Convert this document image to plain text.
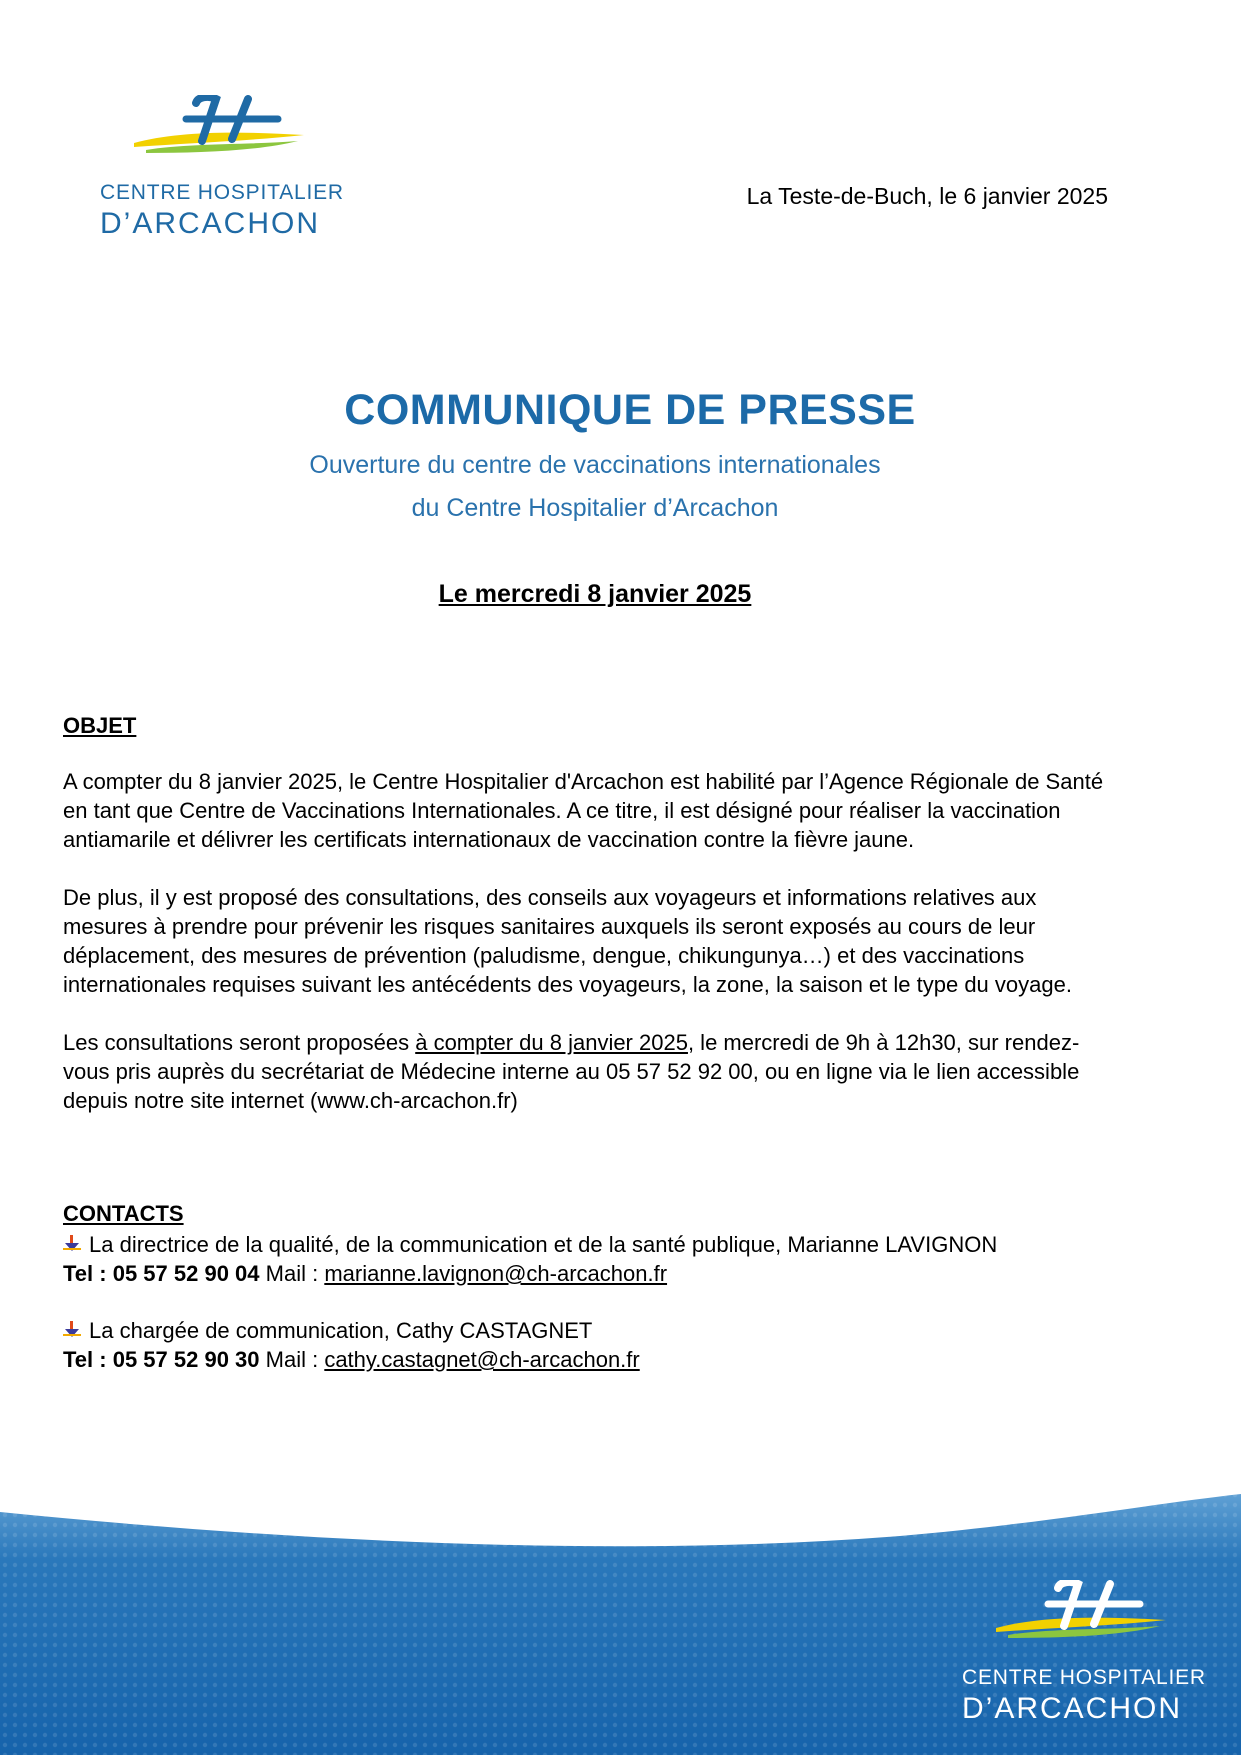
CENTRE HOSPITALIER
D’ARCACHON
La Teste-de-Buch, le 6 janvier 2025
COMMUNIQUE DE PRESSE
Ouverture du centre de vaccinations internationales
du Centre Hospitalier d’Arcachon
Le mercredi 8 janvier 2025
OBJET
A compter du 8 janvier 2025, le Centre Hospitalier d'Arcachon est habilité par l’Agence Régionale de Santé
en tant que Centre de Vaccinations Internationales. A ce titre, il est désigné pour réaliser la vaccination
antiamarile et délivrer les certificats internationaux de vaccination contre la fièvre jaune.
De plus, il y est proposé des consultations, des conseils aux voyageurs et informations relatives aux
mesures à prendre pour prévenir les risques sanitaires auxquels ils seront exposés au cours de leur
déplacement, des mesures de prévention (paludisme, dengue, chikungunya…) et des vaccinations
internationales requises suivant les antécédents des voyageurs, la zone, la saison et le type du voyage.
Les consultations seront proposées à compter du 8 janvier 2025, le mercredi de 9h à 12h30, sur rendez-
vous pris auprès du secrétariat de Médecine interne au 05 57 52 92 00, ou en ligne via le lien accessible
depuis notre site internet (www.ch-arcachon.fr)
CONTACTS
La directrice de la qualité, de la communication et de la santé publique, Marianne LAVIGNON
Tel : 05 57 52 90 04 Mail : marianne.lavignon@ch-arcachon.fr
La chargée de communication, Cathy CASTAGNET
Tel : 05 57 52 90 30 Mail : cathy.castagnet@ch-arcachon.fr
CENTRE HOSPITALIER
D’ARCACHON
